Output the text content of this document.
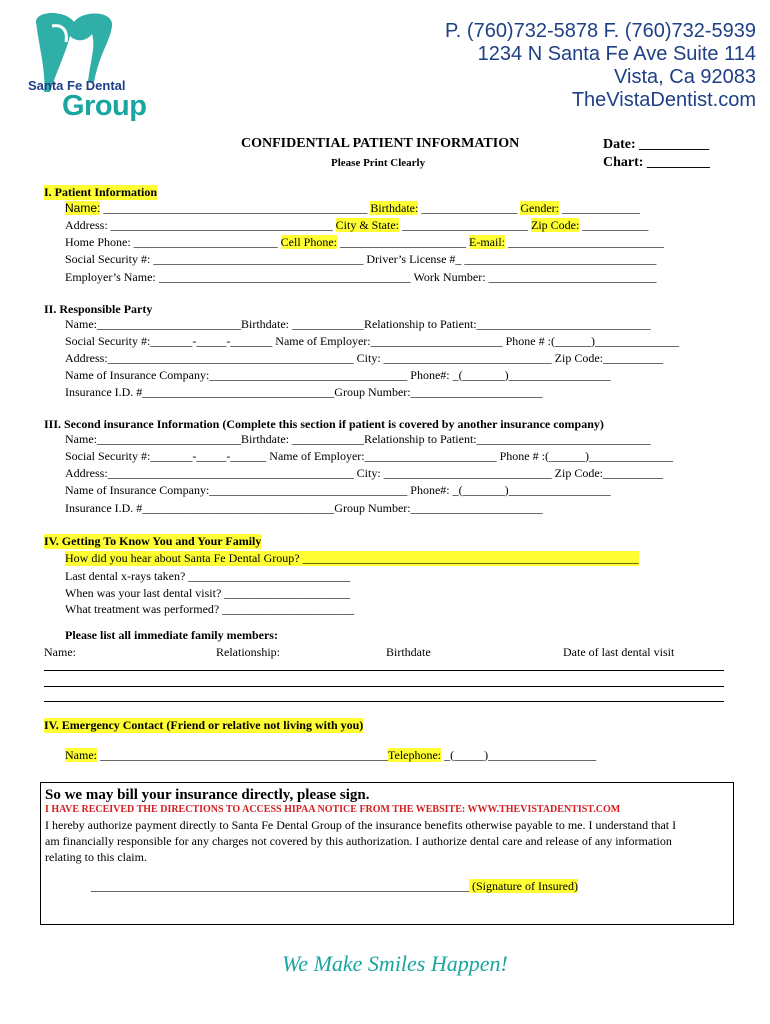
Santa Fe Dental
Group
P. (760)732-5878 F. (760)732-5939
1234 N Santa Fe Ave Suite 114
Vista, Ca 92083
TheVistaDentist.com
CONFIDENTIAL PATIENT INFORMATION
Please Print Clearly
Date: __________
Chart: _________
I. Patient Information
Name: ____________________________________________ Birthdate: ________________ Gender: _____________
Address: _____________________________________ City & State: _____________________ Zip Code: ___________
Home Phone: ________________________ Cell Phone: _____________________ E-mail: __________________________
Social Security #: ___________________________________ Driver’s License #_ ________________________________
Employer’s Name: __________________________________________ Work Number: ____________________________
II. Responsible Party
Name:________________________Birthdate: ____________Relationship to Patient:_____________________________
Social Security #:_______-_____-_______ Name of Employer:______________________ Phone # :(______)______________
Address:_________________________________________ City: ____________________________ Zip Code:__________
Name of Insurance Company:_________________________________ Phone#: _(_______)_________________
Insurance I.D. #________________________________Group Number:______________________
III. Second insurance Information (Complete this section if patient is covered by another insurance company)
Name:________________________Birthdate: ____________Relationship to Patient:_____________________________
Social Security #:_______-_____-______ Name of Employer:______________________ Phone # :(______)______________
Address:_________________________________________ City: ____________________________ Zip Code:__________
Name of Insurance Company:_________________________________ Phone#: _(_______)_________________
Insurance I.D. #________________________________Group Number:______________________
IV. Getting To Know You and Your Family
How did you hear about Santa Fe Dental Group? ________________________________________________________
Last dental x-rays taken? ___________________________
When was your last dental visit? _____________________
What treatment was performed? ______________________
Please list all immediate family members:
Name:	Relationship:	Birthdate	Date of last dental visit
IV. Emergency Contact (Friend or relative not living with you)
Name: ________________________________________________Telephone: _(_____)__________________
So we may bill your insurance directly, please sign.
I HAVE RECEIVED THE DIRECTIONS TO ACCESS HIPAA NOTICE FROM THE WEBSITE: WWW.THEVISTADENTIST.COM
I hereby authorize payment directly to Santa Fe Dental Group of the insurance benefits otherwise payable to me. I understand that I
am financially responsible for any charges not covered by this authorization. I authorize dental care and release of any information
relating to this claim.
_______________________________________________________________ (Signature of Insured)
We Make Smiles Happen!
